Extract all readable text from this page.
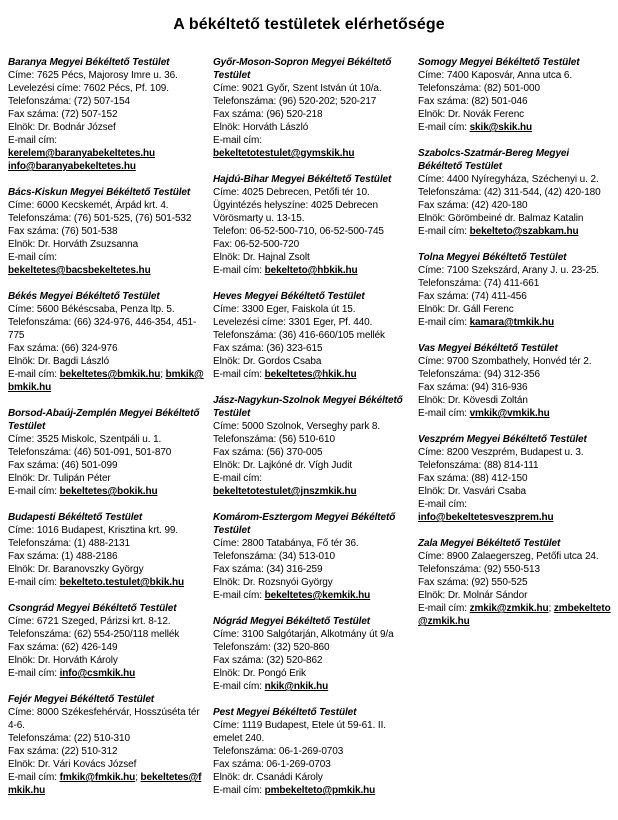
A békéltető testületek elérhetősége
Baranya Megyei Békéltető Testület
Címe: 7625 Pécs, Majorosy Imre u. 36.
Levelezési címe: 7602 Pécs, Pf. 109.
Telefonszáma: (72) 507-154
Fax száma: (72) 507-152
Elnök: Dr. Bodnár József
E-mail cím:
kerelem@baranyabekeltetes.hu
info@baranyabekeltetes.hu
Bács-Kiskun Megyei Békéltető Testület
Címe: 6000 Kecskemét, Árpád krt. 4.
Telefonszáma: (76) 501-525, (76) 501-532
Fax száma: (76) 501-538
Elnök: Dr. Horváth Zsuzsanna
E-mail cím:
bekeltetes@bacsbekeltetes.hu
Békés Megyei Békéltető Testület
Címe: 5600 Békéscsaba, Penza ltp. 5.
Telefonszáma: (66) 324-976, 446-354, 451-775
Fax száma: (66) 324-976
Elnök: Dr. Bagdi László
E-mail cím: bekeltetes@bmkik.hu; bmkik@bmkik.hu
Borsod-Abaúj-Zemplén Megyei Békéltető Testület
Címe: 3525 Miskolc, Szentpáli u. 1.
Telefonszáma: (46) 501-091, 501-870
Fax száma: (46) 501-099
Elnök: Dr. Tulipán Péter
E-mail cím: bekeltetes@bokik.hu
Budapesti Békéltető Testület
Címe: 1016 Budapest, Krisztina krt. 99.
Telefonszáma: (1) 488-2131
Fax száma: (1) 488-2186
Elnök: Dr. Baranovszky György
E-mail cím: bekelteto.testulet@bkik.hu
Csongrád Megyei Békéltető Testület
Címe: 6721 Szeged, Párizsi krt. 8-12.
Telefonszáma: (62) 554-250/118 mellék
Fax száma: (62) 426-149
Elnök: Dr. Horváth Károly
E-mail cím: info@csmkik.hu
Fejér Megyei Békéltető Testület
Címe: 8000 Székesfehérvár, Hosszúséta tér 4-6.
Telefonszáma: (22) 510-310
Fax száma: (22) 510-312
Elnök: Dr. Vári Kovács József
E-mail cím: fmkik@fmkik.hu; bekeltetes@fmkik.hu
Győr-Moson-Sopron Megyei Békéltető Testület
Címe: 9021 Győr, Szent István út 10/a.
Telefonszáma: (96) 520-202; 520-217
Fax száma: (96) 520-218
Elnök: Horváth László
E-mail cím:
bekeltetotestulet@gymskik.hu
Hajdú-Bihar Megyei Békéltető Testület
Címe: 4025 Debrecen, Petőfi tér 10.
Ügyintézés helyszíne: 4025 Debrecen Vörösmarty u. 13-15.
Telefon: 06-52-500-710, 06-52-500-745
Fax: 06-52-500-720
Elnök: Dr. Hajnal Zsolt
E-mail cím: bekelteto@hbkik.hu
Heves Megyei Békéltető Testület
Címe: 3300 Eger, Faiskola út 15.
Levelezési címe: 3301 Eger, Pf. 440.
Telefonszáma: (36) 416-660/105 mellék
Fax száma: (36) 323-615
Elnök: Dr. Gordos Csaba
E-mail cím: bekeltetes@hkik.hu
Jász-Nagykun-Szolnok Megyei Békéltető Testület
Címe: 5000 Szolnok, Verseghy park 8.
Telefonszáma: (56) 510-610
Fax száma: (56) 370-005
Elnök: Dr. Lajkóné dr. Vígh Judit
E-mail cím:
bekeltetotestulet@jnszmkik.hu
Komárom-Esztergom Megyei Békéltető Testület
Címe: 2800 Tatabánya, Fő tér 36.
Telefonszáma: (34) 513-010
Fax száma: (34) 316-259
Elnök: Dr. Rozsnyói György
E-mail cím: bekeltetes@kemkik.hu
Nógrád Megyei Békéltető Testület
Címe: 3100 Salgótarján, Alkotmány út 9/a
Telefonszám: (32) 520-860
Fax száma: (32) 520-862
Elnök: Dr. Pongó Erik
E-mail cím: nkik@nkik.hu
Pest Megyei Békéltető Testület
Címe: 1119 Budapest, Etele út 59-61. II. emelet 240.
Telefonszáma: 06-1-269-0703
Fax száma: 06-1-269-0703
Elnök: dr. Csanádi Károly
E-mail cím: pmbekelteto@pmkik.hu
Somogy Megyei Békéltető Testület
Címe: 7400 Kaposvár, Anna utca 6.
Telefonszáma: (82) 501-000
Fax száma: (82) 501-046
Elnök: Dr. Novák Ferenc
E-mail cím: skik@skik.hu
Szabolcs-Szatmár-Bereg Megyei Békéltető Testület
Címe: 4400 Nyíregyháza, Széchenyi u. 2.
Telefonszáma: (42) 311-544, (42) 420-180
Fax száma: (42) 420-180
Elnök: Görömbeiné dr. Balmaz Katalin
E-mail cím: bekelteto@szabkam.hu
Tolna Megyei Békéltető Testület
Címe: 7100 Szekszárd, Arany J. u. 23-25.
Telefonszáma: (74) 411-661
Fax száma: (74) 411-456
Elnök: Dr. Gáll Ferenc
E-mail cím: kamara@tmkik.hu
Vas Megyei Békéltető Testület
Címe: 9700 Szombathely, Honvéd tér 2.
Telefonszáma: (94) 312-356
Fax száma: (94) 316-936
Elnök: Dr. Kövesdi Zoltán
E-mail cím: vmkik@vmkik.hu
Veszprém Megyei Békéltető Testület
Címe: 8200 Veszprém, Budapest u. 3.
Telefonszáma: (88) 814-111
Fax száma: (88) 412-150
Elnök: Dr. Vasvári Csaba
E-mail cím:
info@bekeltetesveszprem.hu
Zala Megyei Békéltető Testület
Címe: 8900 Zalaegerszeg, Petőfi utca 24.
Telefonszáma: (92) 550-513
Fax száma: (92) 550-525
Elnök: Dr. Molnár Sándor
E-mail cím: zmkik@zmkik.hu; zmbekelteto@zmkik.hu
